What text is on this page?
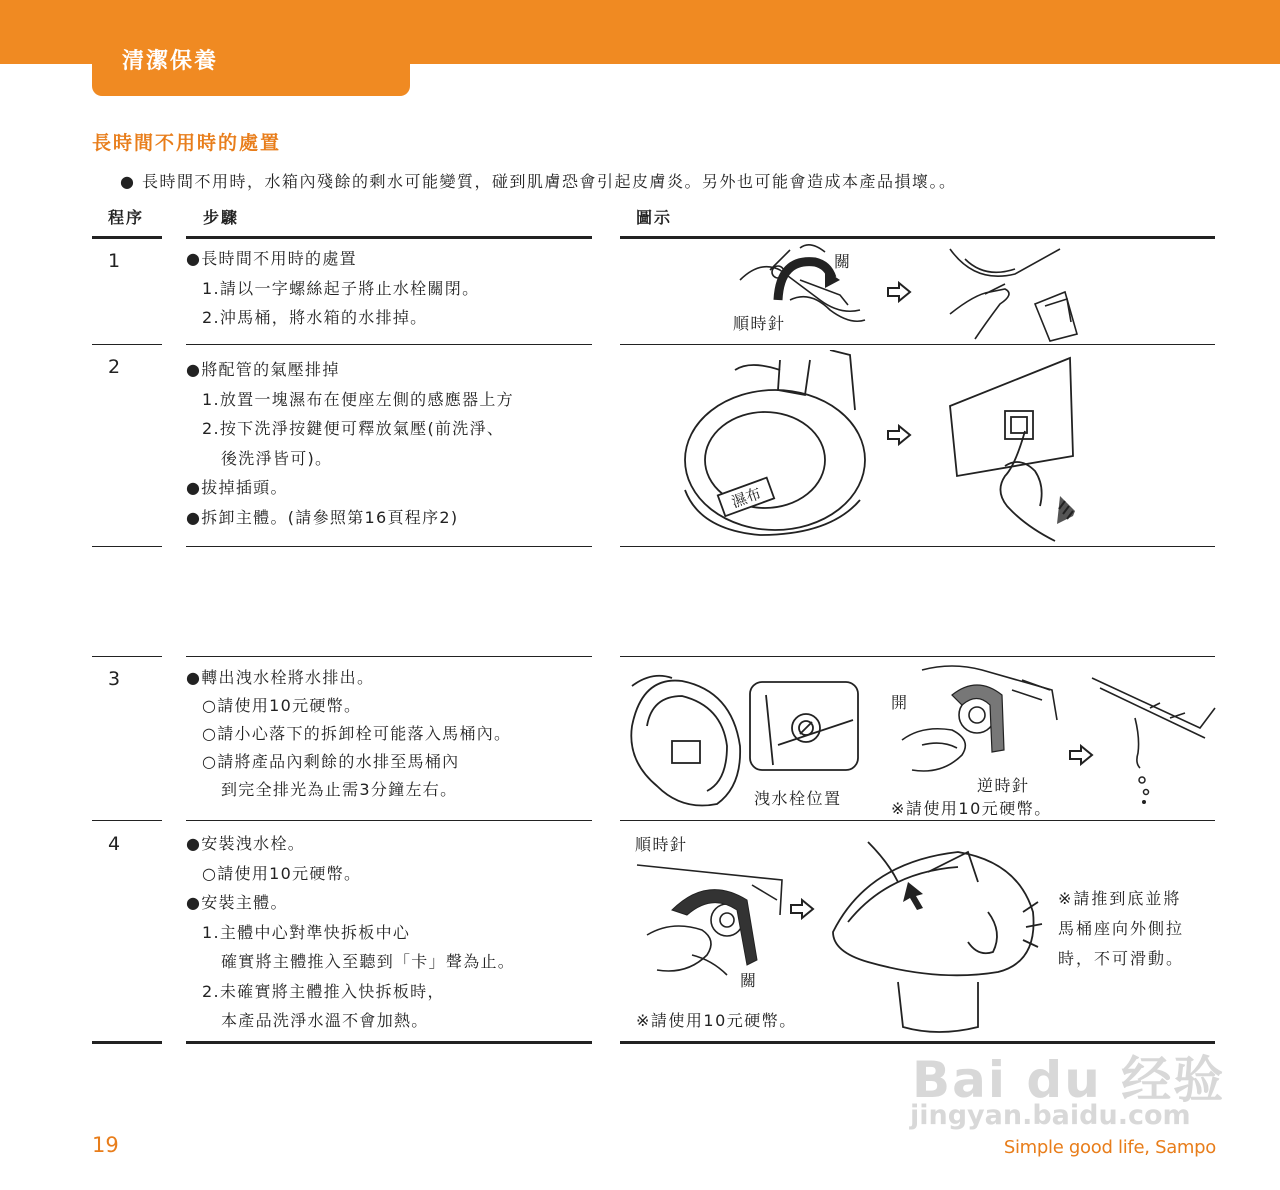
清潔保養
長時間不用時的處置
● 長時間不用時，水箱內殘餘的剩水可能變質，碰到肌膚恐會引起皮膚炎。另外也可能會造成本產品損壞。。
程序	步驟	圖示
1	●長時間不用時的處置
1.請以一字螺絲起子將止水栓關閉。
2.沖馬桶，將水箱的水排掉。
2	●將配管的氣壓排掉
1.放置一塊濕布在便座左側的感應器上方
2.按下洗淨按鍵便可釋放氣壓(前洗淨、
後洗淨皆可)。
●拔掉插頭。
●拆卸主體。(請參照第16頁程序2)
3	●轉出洩水栓將水排出。
○請使用10元硬幣。
○請小心落下的拆卸栓可能落入馬桶內。
○請將產品內剩餘的水排至馬桶內
到完全排光為止需3分鐘左右。
4	●安裝洩水栓。
○請使用10元硬幣。
●安裝主體。
1.主體中心對準快拆板中心
確實將主體推入至聽到「卡」聲為止。
2.未確實將主體推入快拆板時，
本產品洗淨水溫不會加熱。
關
順時針
濕布
洩水栓位置
開
逆時針
※請使用10元硬幣。
順時針
關
※請使用10元硬幣。
※請推到底並將
馬桶座向外側拉
時，不可滑動。
19	Simple good life, Sampo
Bai du 经验
jingyan.baidu.com
